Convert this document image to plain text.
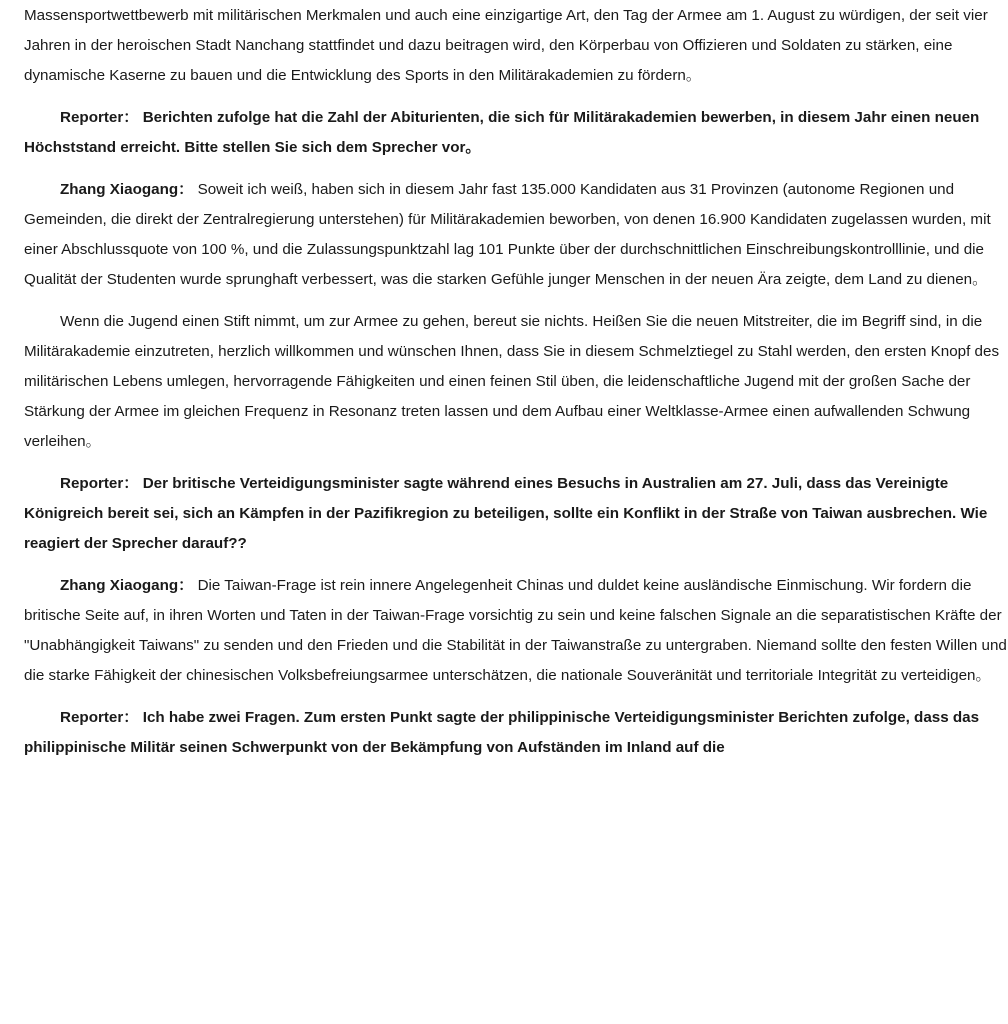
Massensportwettbewerb mit militärischen Merkmalen und auch eine einzigartige Art, den Tag der Armee am 1. August zu würdigen, der seit vier Jahren in der heroischen Stadt Nanchang stattfindet und dazu beitragen wird, den Körperbau von Offizieren und Soldaten zu stärken, eine dynamische Kaserne zu bauen und die Entwicklung des Sports in den Militärakademien zu fördern。

Reporter： Berichten zufolge hat die Zahl der Abiturienten, die sich für Militärakademien bewerben, in diesem Jahr einen neuen Höchststand erreicht. Bitte stellen Sie sich dem Sprecher vor。

Zhang Xiaogang： Soweit ich weiß, haben sich in diesem Jahr fast 135.000 Kandidaten aus 31 Provinzen (autonome Regionen und Gemeinden, die direkt der Zentralregierung unterstehen) für Militärakademien beworben, von denen 16.900 Kandidaten zugelassen wurden, mit einer Abschlussquote von 100 %, und die Zulassungspunktzahl lag 101 Punkte über der durchschnittlichen Einschreibungskontrolllinie, und die Qualität der Studenten wurde sprunghaft verbessert, was die starken Gefühle junger Menschen in der neuen Ära zeigte, dem Land zu dienen。

Wenn die Jugend einen Stift nimmt, um zur Armee zu gehen, bereut sie nichts. Heißen Sie die neuen Mitstreiter, die im Begriff sind, in die Militärakademie einzutreten, herzlich willkommen und wünschen Ihnen, dass Sie in diesem Schmelztiegel zu Stahl werden, den ersten Knopf des militärischen Lebens umlegen, hervorragende Fähigkeiten und einen feinen Stil üben, die leidenschaftliche Jugend mit der großen Sache der Stärkung der Armee im gleichen Frequenz in Resonanz treten lassen und dem Aufbau einer Weltklasse-Armee einen aufwallenden Schwung verleihen。

Reporter： Der britische Verteidigungsminister sagte während eines Besuchs in Australien am 27. Juli, dass das Vereinigte Königreich bereit sei, sich an Kämpfen in der Pazifikregion zu beteiligen, sollte ein Konflikt in der Straße von Taiwan ausbrechen. Wie reagiert der Sprecher darauf??

Zhang Xiaogang： Die Taiwan-Frage ist rein innere Angelegenheit Chinas und duldet keine ausländische Einmischung. Wir fordern die britische Seite auf, in ihren Worten und Taten in der Taiwan-Frage vorsichtig zu sein und keine falschen Signale an die separatistischen Kräfte der "Unabhängigkeit Taiwans" zu senden und den Frieden und die Stabilität in der Taiwanstraße zu untergraben. Niemand sollte den festen Willen und die starke Fähigkeit der chinesischen Volksbefreiungsarmee unterschätzen, die nationale Souveränität und territoriale Integrität zu verteidigen。

Reporter： Ich habe zwei Fragen. Zum ersten Punkt sagte der philippinische Verteidigungsminister Berichten zufolge, dass das philippinische Militär seinen Schwerpunkt von der Bekämpfung von Aufständen im Inland auf die
